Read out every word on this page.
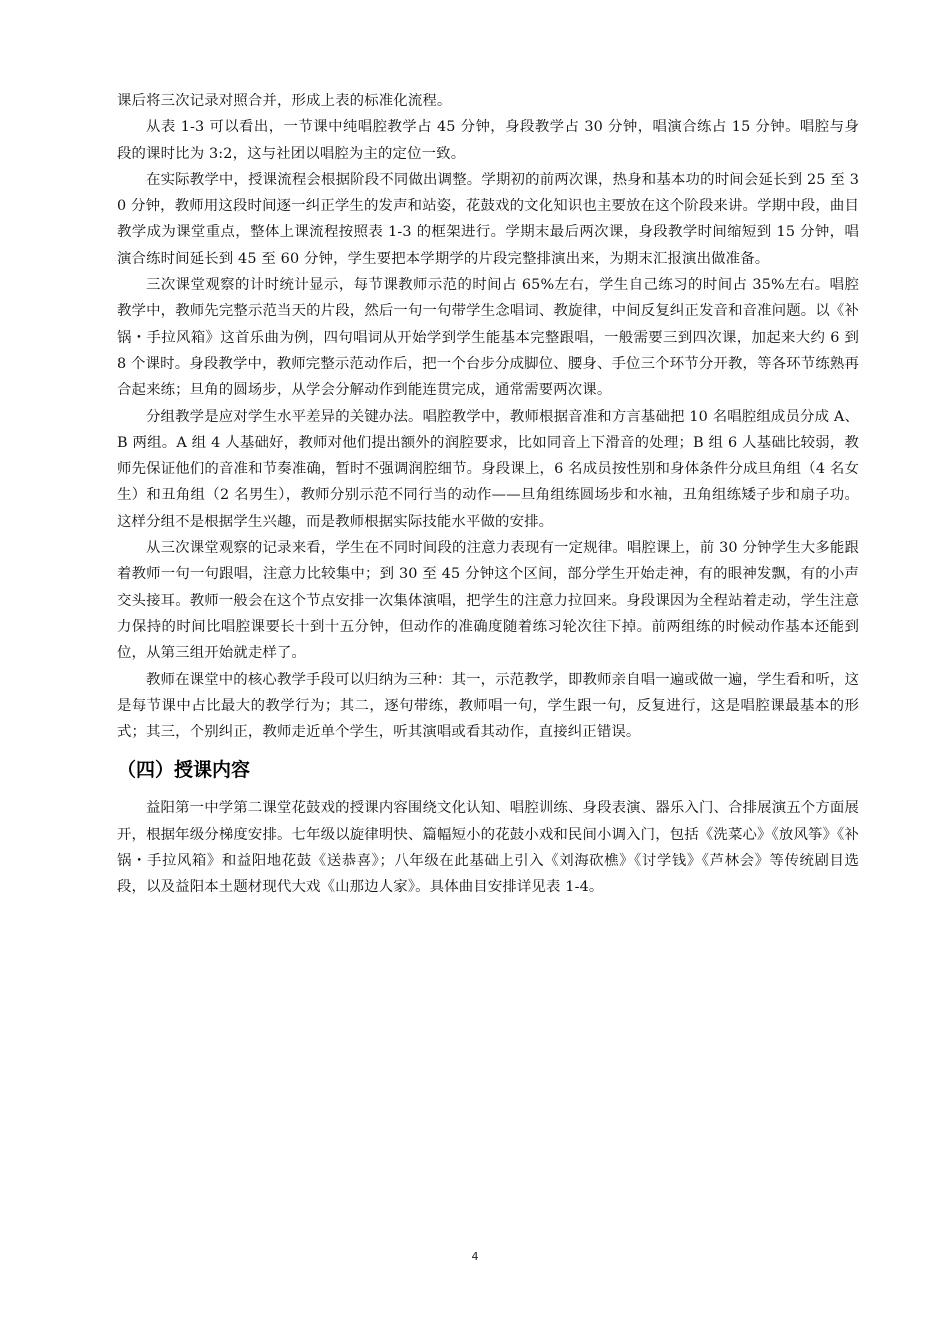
课后将三次记录对照合并，形成上表的标准化流程。

从表 1-3 可以看出，一节课中纯唱腔教学占 45 分钟，身段教学占 30 分钟，唱演合练占 15 分钟。唱腔与身段的课时比为 3:2，这与社团以唱腔为主的定位一致。

在实际教学中，授课流程会根据阶段不同做出调整。学期初的前两次课，热身和基本功的时间会延长到 25 至 30 分钟，教师用这段时间逐一纠正学生的发声和站姿，花鼓戏的文化知识也主要放在这个阶段来讲。学期中段，曲目教学成为课堂重点，整体上课流程按照表 1-3 的框架进行。学期末最后两次课，身段教学时间缩短到 15 分钟，唱演合练时间延长到 45 至 60 分钟，学生要把本学期学的片段完整排演出来，为期末汇报演出做准备。

三次课堂观察的计时统计显示，每节课教师示范的时间占 65%左右，学生自己练习的时间占 35%左右。唱腔教学中，教师先完整示范当天的片段，然后一句一句带学生念唱词、教旋律，中间反复纠正发音和音准问题。以《补锅・手拉风箱》这首乐曲为例，四句唱词从开始学到学生能基本完整跟唱，一般需要三到四次课，加起来大约 6 到 8 个课时。身段教学中，教师完整示范动作后，把一个台步分成脚位、腰身、手位三个环节分开教，等各环节练熟再合起来练；旦角的圆场步，从学会分解动作到能连贯完成，通常需要两次课。

分组教学是应对学生水平差异的关键办法。唱腔教学中，教师根据音准和方言基础把 10 名唱腔组成员分成 A、B 两组。A 组 4 人基础好，教师对他们提出额外的润腔要求，比如同音上下滑音的处理；B 组 6 人基础比较弱，教师先保证他们的音准和节奏准确，暂时不强调润腔细节。身段课上，6 名成员按性别和身体条件分成旦角组（4 名女生）和丑角组（2 名男生），教师分别示范不同行当的动作——旦角组练圆场步和水袖，丑角组练矮子步和扇子功。这样分组不是根据学生兴趣，而是教师根据实际技能水平做的安排。

从三次课堂观察的记录来看，学生在不同时间段的注意力表现有一定规律。唱腔课上，前 30 分钟学生大多能跟着教师一句一句跟唱，注意力比较集中；到 30 至 45 分钟这个区间，部分学生开始走神，有的眼神发飘，有的小声交头接耳。教师一般会在这个节点安排一次集体演唱，把学生的注意力拉回来。身段课因为全程站着走动，学生注意力保持的时间比唱腔课要长十到十五分钟，但动作的准确度随着练习轮次往下掉。前两组练的时候动作基本还能到位，从第三组开始就走样了。

教师在课堂中的核心教学手段可以归纳为三种：其一，示范教学，即教师亲自唱一遍或做一遍，学生看和听，这是每节课中占比最大的教学行为；其二，逐句带练，教师唱一句，学生跟一句，反复进行，这是唱腔课最基本的形式；其三，个别纠正，教师走近单个学生，听其演唱或看其动作，直接纠正错误。

（四）授课内容

益阳第一中学第二课堂花鼓戏的授课内容围绕文化认知、唱腔训练、身段表演、器乐入门、合排展演五个方面展开，根据年级分梯度安排。七年级以旋律明快、篇幅短小的花鼓小戏和民间小调入门，包括《洗菜心》《放风筝》《补锅・手拉风箱》和益阳地花鼓《送恭喜》；八年级在此基础上引入《刘海砍樵》《讨学钱》《芦林会》等传统剧目选段，以及益阳本土题材现代大戏《山那边人家》。具体曲目安排详见表 1-4。

4
